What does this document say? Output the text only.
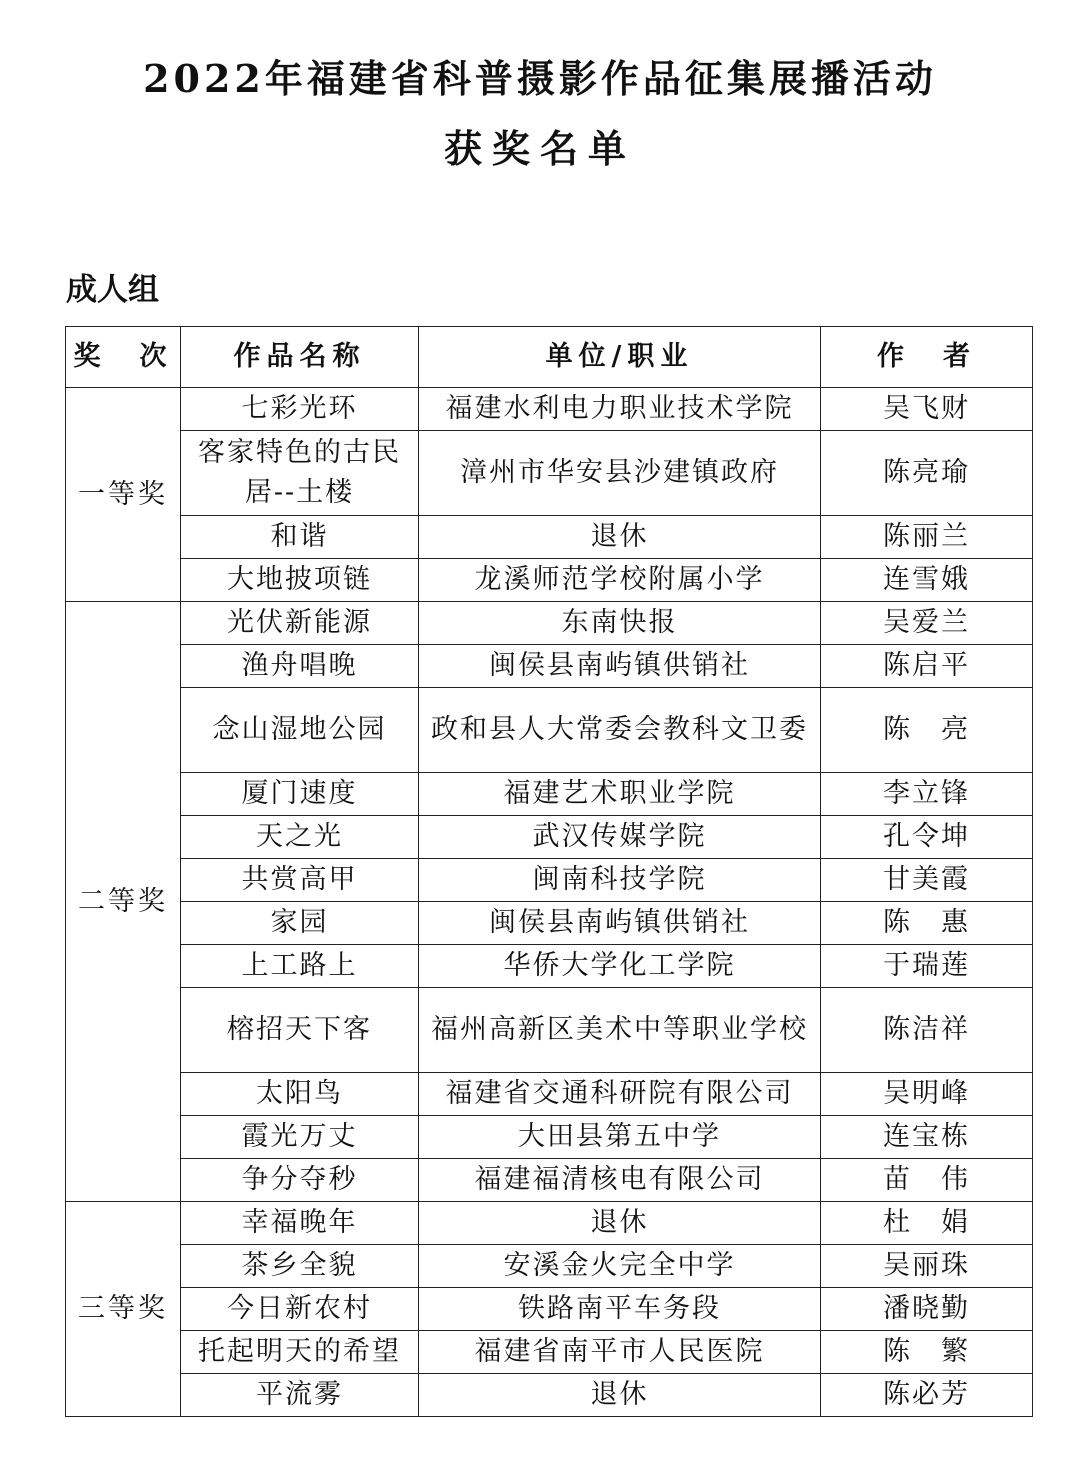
2022年福建省科普摄影作品征集展播活动
获奖名单
成人组
奖　次	作品名称	单位/职业	作　者
一等奖	七彩光环	福建水利电力职业技术学院	吴飞财
	客家特色的古民居--土楼	漳州市华安县沙建镇政府	陈亮瑜
	和谐	退休	陈丽兰
	大地披项链	龙溪师范学校附属小学	连雪娥
二等奖	光伏新能源	东南快报	吴爱兰
	渔舟唱晚	闽侯县南屿镇供销社	陈启平
	念山湿地公园	政和县人大常委会教科文卫委	陈　亮
	厦门速度	福建艺术职业学院	李立锋
	天之光	武汉传媒学院	孔令坤
	共赏高甲	闽南科技学院	甘美霞
	家园	闽侯县南屿镇供销社	陈　惠
	上工路上	华侨大学化工学院	于瑞莲
	榕招天下客	福州高新区美术中等职业学校	陈洁祥
	太阳鸟	福建省交通科研院有限公司	吴明峰
	霞光万丈	大田县第五中学	连宝栋
	争分夺秒	福建福清核电有限公司	苗　伟
三等奖	幸福晚年	退休	杜　娟
	茶乡全貌	安溪金火完全中学	吴丽珠
	今日新农村	铁路南平车务段	潘晓勤
	托起明天的希望	福建省南平市人民医院	陈　繁
	平流雾	退休	陈必芳
